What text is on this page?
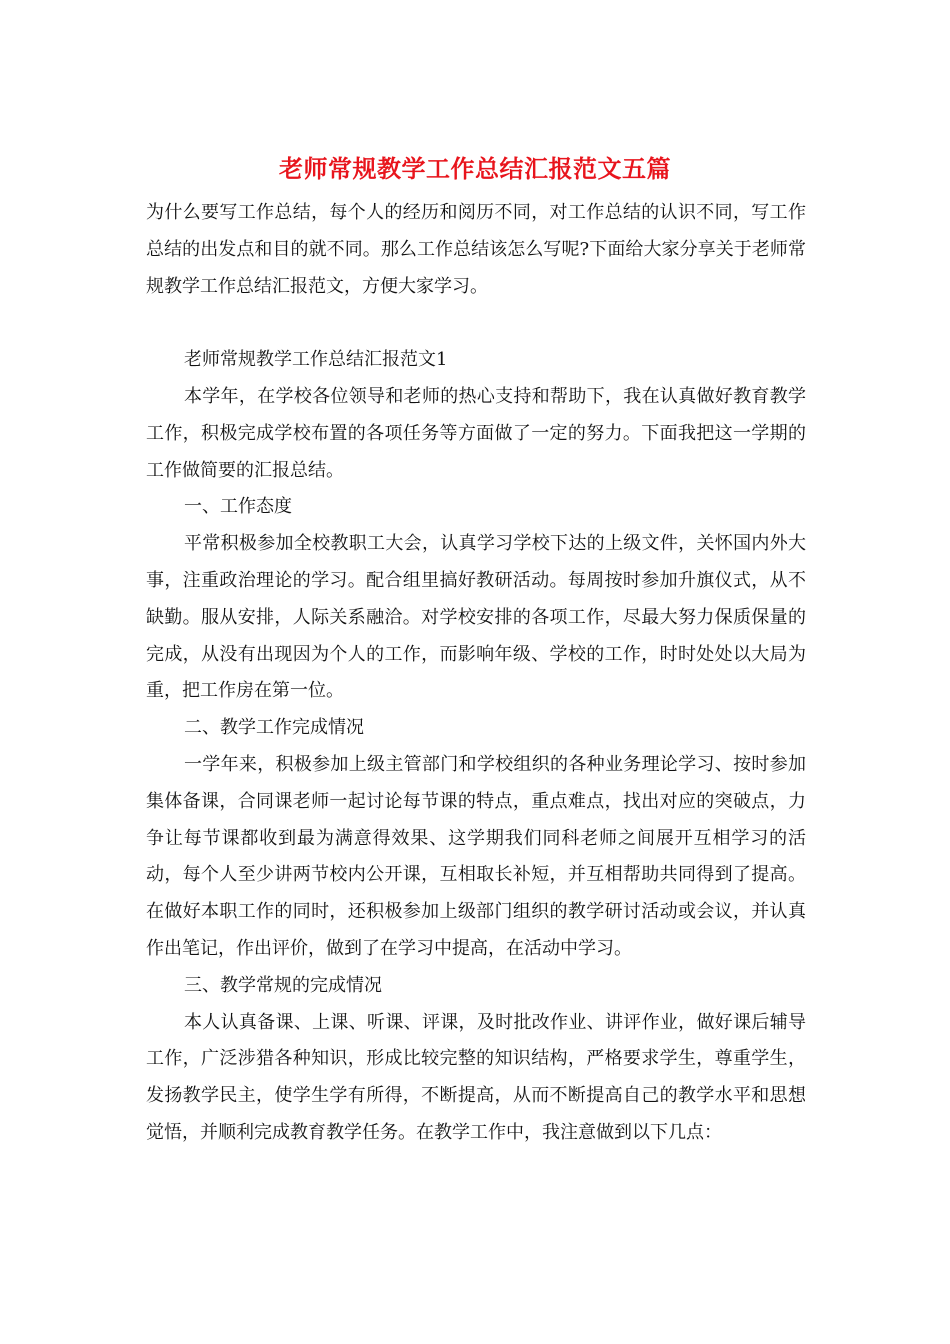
老师常规教学工作总结汇报范文五篇

为什么要写工作总结，每个人的经历和阅历不同，对工作总结的认识不同，写工作总结的出发点和目的就不同。那么工作总结该怎么写呢?下面给大家分享关于老师常规教学工作总结汇报范文，方便大家学习。

老师常规教学工作总结汇报范文1

本学年，在学校各位领导和老师的热心支持和帮助下，我在认真做好教育教学工作，积极完成学校布置的各项任务等方面做了一定的努力。下面我把这一学期的工作做简要的汇报总结。

一、工作态度

平常积极参加全校教职工大会，认真学习学校下达的上级文件，关怀国内外大事，注重政治理论的学习。配合组里搞好教研活动。每周按时参加升旗仪式，从不缺勤。服从安排，人际关系融洽。对学校安排的各项工作，尽最大努力保质保量的完成，从没有出现因为个人的工作，而影响年级、学校的工作，时时处处以大局为重，把工作房在第一位。

二、教学工作完成情况

一学年来，积极参加上级主管部门和学校组织的各种业务理论学习、按时参加集体备课，合同课老师一起讨论每节课的特点，重点难点，找出对应的突破点，力争让每节课都收到最为满意得效果、这学期我们同科老师之间展开互相学习的活动，每个人至少讲两节校内公开课，互相取长补短，并互相帮助共同得到了提高。在做好本职工作的同时，还积极参加上级部门组织的教学研讨活动或会议，并认真作出笔记，作出评价，做到了在学习中提高，在活动中学习。

三、教学常规的完成情况

本人认真备课、上课、听课、评课，及时批改作业、讲评作业，做好课后辅导工作，广泛涉猎各种知识，形成比较完整的知识结构，严格要求学生，尊重学生，发扬教学民主，使学生学有所得，不断提高，从而不断提高自己的教学水平和思想觉悟，并顺利完成教育教学任务。在教学工作中，我注意做到以下几点：
